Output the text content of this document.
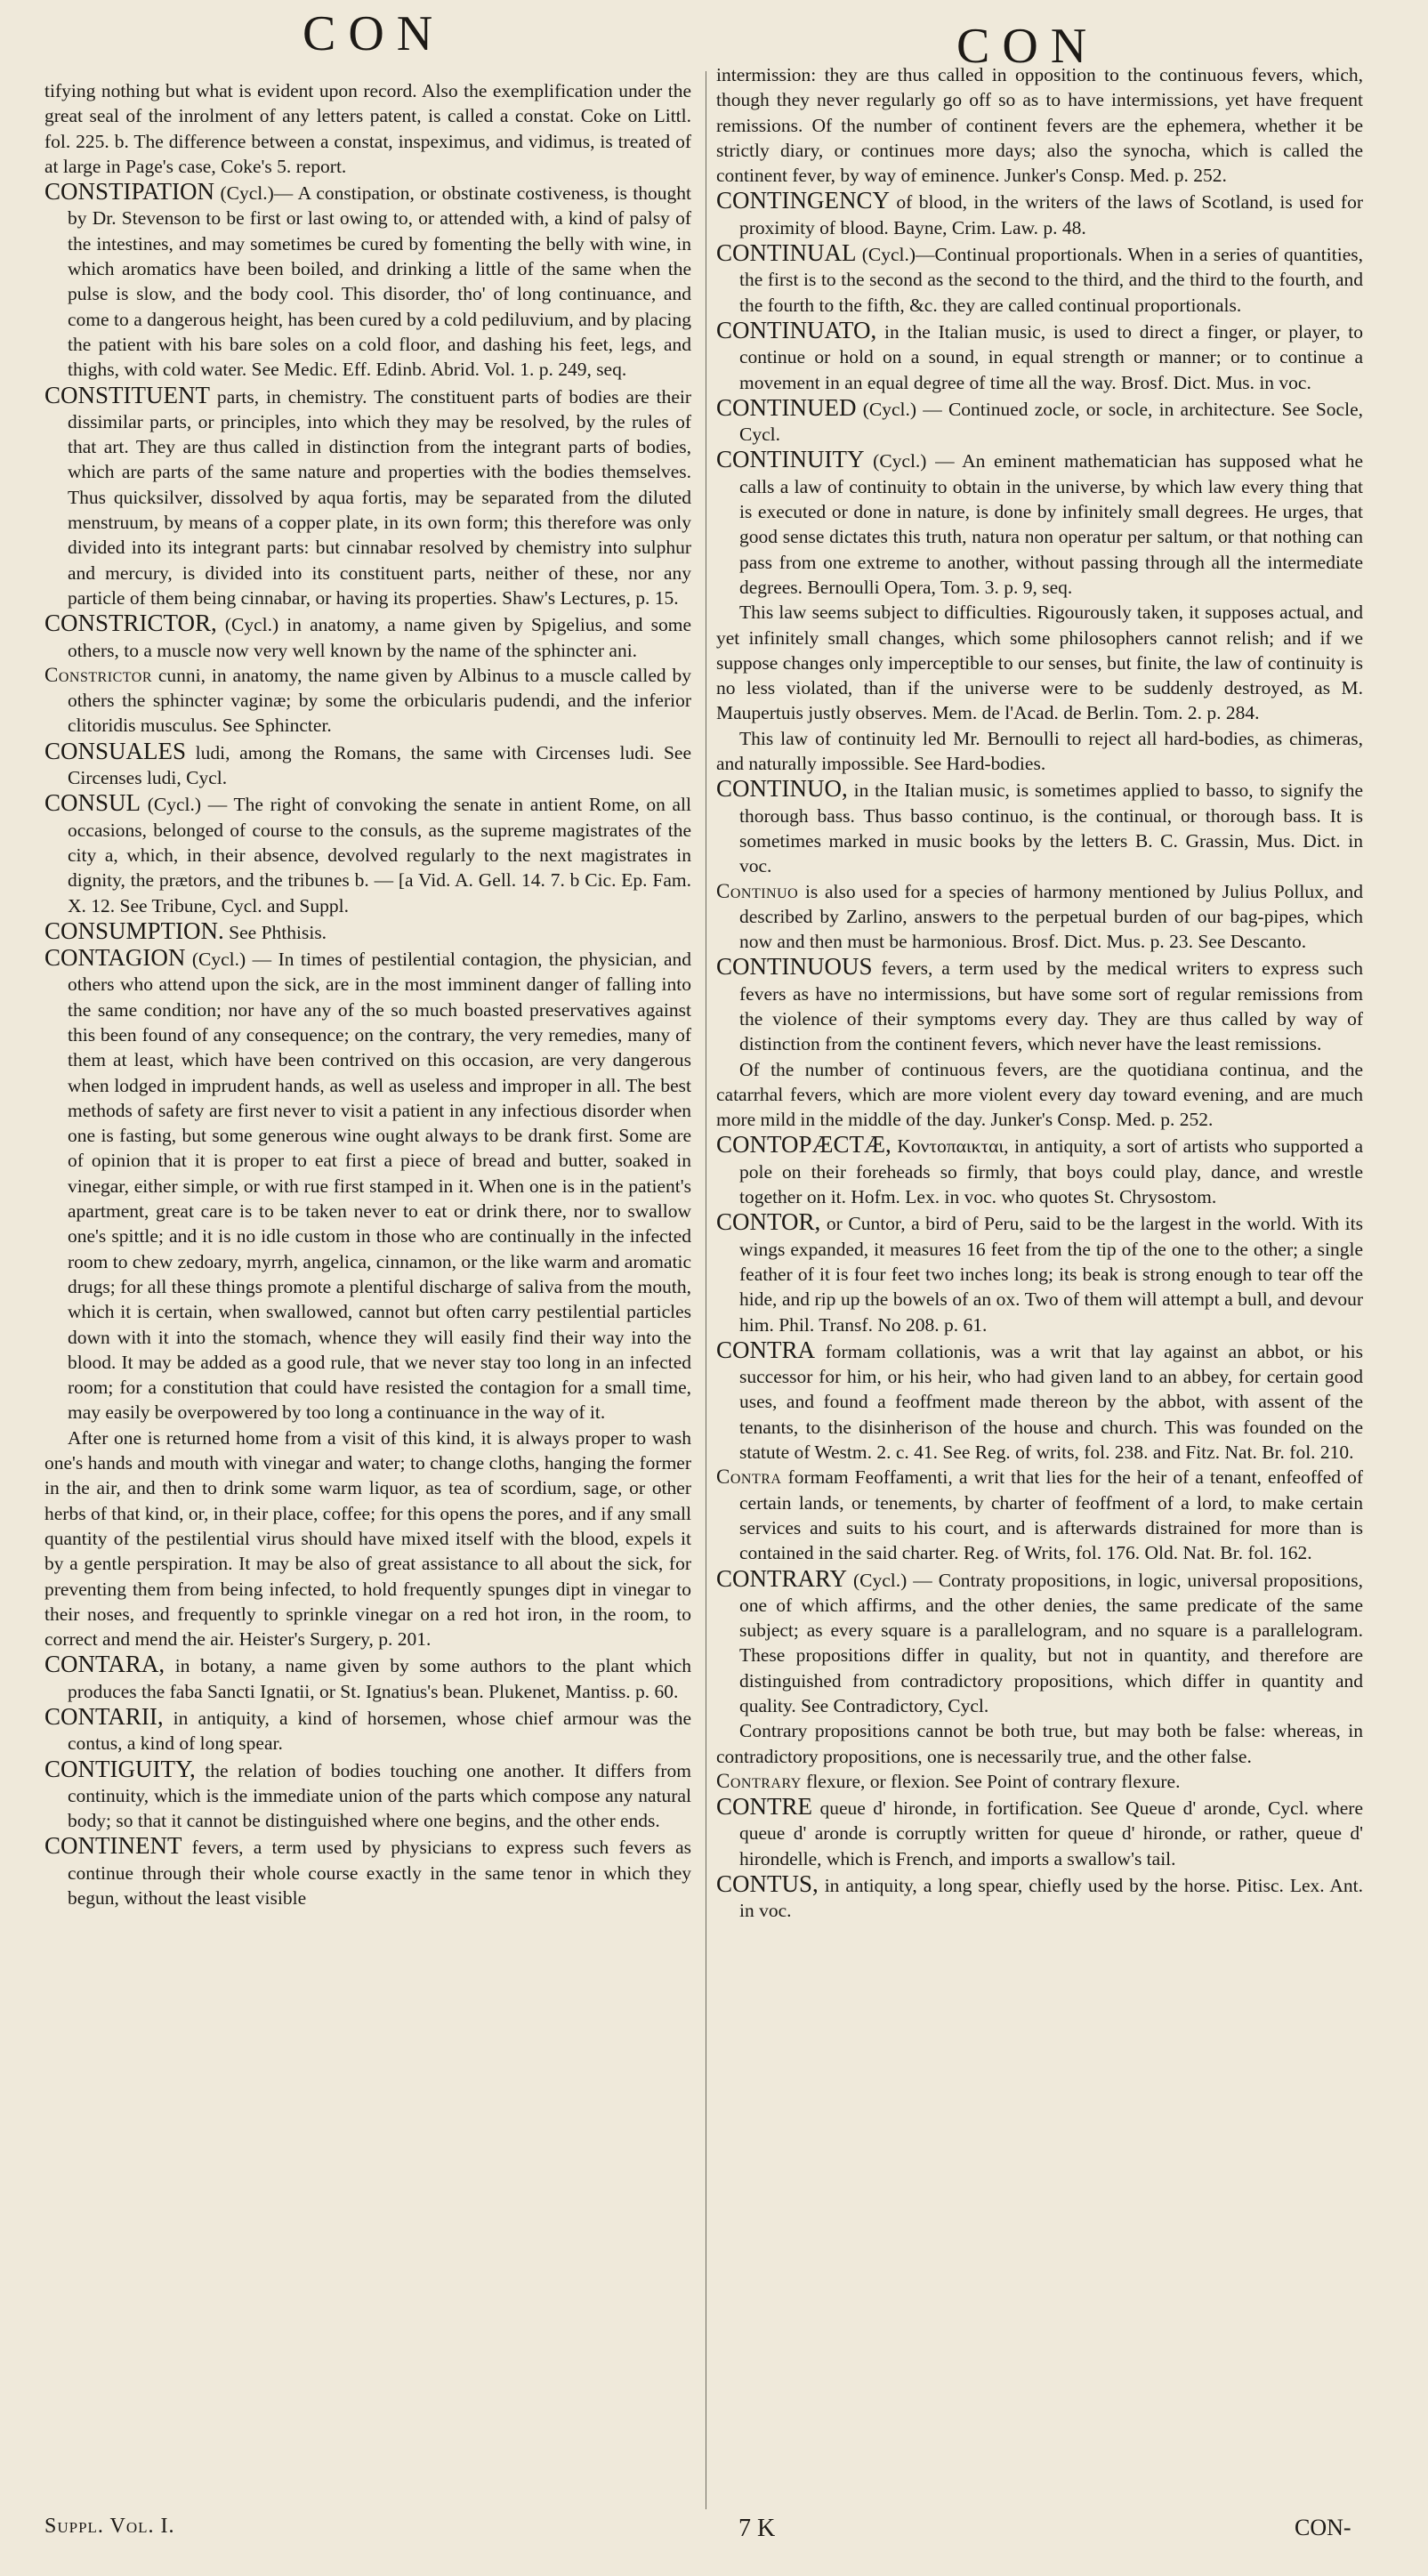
CON	CON

tifying nothing but what is evident upon record. Also the exemplification under the great seal of the inrolment of any letters patent, is called a constat. Coke on Littl. fol. 225. b. The difference between a constat, inspeximus, and vidimus, is treated of at large in Page's case, Coke's 5. report.

CONSTIPATION (Cycl.)— A constipation, or obstinate costiveness, is thought by Dr. Stevenson to be first or last owing to, or attended with, a kind of palsy of the intestines, and may sometimes be cured by fomenting the belly with wine, in which aromatics have been boiled, and drinking a little of the same when the pulse is slow, and the body cool. This disorder, tho' of long continuance, and come to a dangerous height, has been cured by a cold pediluvium, and by placing the patient with his bare soles on a cold floor, and dashing his feet, legs, and thighs, with cold water. See Medic. Eff. Edinb. Abrid. Vol. 1. p. 249, seq.

CONSTITUENT parts, in chemistry. The constituent parts of bodies are their dissimilar parts, or principles, into which they may be resolved, by the rules of that art. They are thus called in distinction from the integrant parts of bodies, which are parts of the same nature and properties with the bodies themselves. Thus quicksilver, dissolved by aqua fortis, may be separated from the diluted menstruum, by means of a copper plate, in its own form; this therefore was only divided into its integrant parts: but cinnabar resolved by chemistry into sulphur and mercury, is divided into its constituent parts, neither of these, nor any particle of them being cinnabar, or having its properties. Shaw's Lectures, p. 15.

CONSTRICTOR, (Cycl.) in anatomy, a name given by Spigelius, and some others, to a muscle now very well known by the name of the sphincter ani.

Constrictor cunni, in anatomy, the name given by Albinus to a muscle called by others the sphincter vaginæ; by some the orbicularis pudendi, and the inferior clitoridis musculus. See Sphincter.

CONSUALES ludi, among the Romans, the same with Circenses ludi. See Circenses ludi, Cycl.

CONSUL (Cycl.) — The right of convoking the senate in antient Rome, on all occasions, belonged of course to the consuls, as the supreme magistrates of the city a, which, in their absence, devolved regularly to the next magistrates in dignity, the prætors, and the tribunes b. — [a Vid. A. Gell. 14. 7. b Cic. Ep. Fam. X. 12. See Tribune, Cycl. and Suppl.

CONSUMPTION. See Phthisis.

CONTAGION (Cycl.) — In times of pestilential contagion, the physician, and others who attend upon the sick, are in the most imminent danger of falling into the same condition; nor have any of the so much boasted preservatives against this been found of any consequence; on the contrary, the very remedies, many of them at least, which have been contrived on this occasion, are very dangerous when lodged in imprudent hands, as well as useless and improper in all. The best methods of safety are first never to visit a patient in any infectious disorder when one is fasting, but some generous wine ought always to be drank first. Some are of opinion that it is proper to eat first a piece of bread and butter, soaked in vinegar, either simple, or with rue first stamped in it. When one is in the patient's apartment, great care is to be taken never to eat or drink there, nor to swallow one's spittle; and it is no idle custom in those who are continually in the infected room to chew zedoary, myrrh, angelica, cinnamon, or the like warm and aromatic drugs; for all these things promote a plentiful discharge of saliva from the mouth, which it is certain, when swallowed, cannot but often carry pestilential particles down with it into the stomach, whence they will easily find their way into the blood. It may be added as a good rule, that we never stay too long in an infected room; for a constitution that could have resisted the contagion for a small time, may easily be overpowered by too long a continuance in the way of it.

After one is returned home from a visit of this kind, it is always proper to wash one's hands and mouth with vinegar and water; to change cloths, hanging the former in the air, and then to drink some warm liquor, as tea of scordium, sage, or other herbs of that kind, or, in their place, coffee; for this opens the pores, and if any small quantity of the pestilential virus should have mixed itself with the blood, expels it by a gentle perspiration. It may be also of great assistance to all about the sick, for preventing them from being infected, to hold frequently spunges dipt in vinegar to their noses, and frequently to sprinkle vinegar on a red hot iron, in the room, to correct and mend the air. Heister's Surgery, p. 201.

CONTARA, in botany, a name given by some authors to the plant which produces the faba Sancti Ignatii, or St. Ignatius's bean. Plukenet, Mantiss. p. 60.

CONTARII, in antiquity, a kind of horsemen, whose chief armour was the contus, a kind of long spear.

CONTIGUITY, the relation of bodies touching one another. It differs from continuity, which is the immediate union of the parts which compose any natural body; so that it cannot be distinguished where one begins, and the other ends.

CONTINENT fevers, a term used by physicians to express such fevers as continue through their whole course exactly in the same tenor in which they begun, without the least visible

intermission: they are thus called in opposition to the continuous fevers, which, though they never regularly go off so as to have intermissions, yet have frequent remissions. Of the number of continent fevers are the ephemera, whether it be strictly diary, or continues more days; also the synocha, which is called the continent fever, by way of eminence. Junker's Consp. Med. p. 252.

CONTINGENCY of blood, in the writers of the laws of Scotland, is used for proximity of blood. Bayne, Crim. Law. p. 48.

CONTINUAL (Cycl.)—Continual proportionals. When in a series of quantities, the first is to the second as the second to the third, and the third to the fourth, and the fourth to the fifth, &c. they are called continual proportionals.

CONTINUATO, in the Italian music, is used to direct a finger, or player, to continue or hold on a sound, in equal strength or manner; or to continue a movement in an equal degree of time all the way. Brosf. Dict. Mus. in voc.

CONTINUED (Cycl.) — Continued zocle, or socle, in architecture. See Socle, Cycl.

CONTINUITY (Cycl.) — An eminent mathematician has supposed what he calls a law of continuity to obtain in the universe, by which law every thing that is executed or done in nature, is done by infinitely small degrees. He urges, that good sense dictates this truth, natura non operatur per saltum, or that nothing can pass from one extreme to another, without passing through all the intermediate degrees. Bernoulli Opera, Tom. 3. p. 9, seq.

This law seems subject to difficulties. Rigourously taken, it supposes actual, and yet infinitely small changes, which some philosophers cannot relish; and if we suppose changes only imperceptible to our senses, but finite, the law of continuity is no less violated, than if the universe were to be suddenly destroyed, as M. Maupertuis justly observes. Mem. de l'Acad. de Berlin. Tom. 2. p. 284.

This law of continuity led Mr. Bernoulli to reject all hard-bodies, as chimeras, and naturally impossible. See Hard-bodies.

CONTINUO, in the Italian music, is sometimes applied to basso, to signify the thorough bass. Thus basso continuo, is the continual, or thorough bass. It is sometimes marked in music books by the letters B. C. Grassin, Mus. Dict. in voc.

Continuo is also used for a species of harmony mentioned by Julius Pollux, and described by Zarlino, answers to the perpetual burden of our bag-pipes, which now and then must be harmonious. Brosf. Dict. Mus. p. 23. See Descanto.

CONTINUOUS fevers, a term used by the medical writers to express such fevers as have no intermissions, but have some sort of regular remissions from the violence of their symptoms every day. They are thus called by way of distinction from the continent fevers, which never have the least remissions.

Of the number of continuous fevers, are the quotidiana continua, and the catarrhal fevers, which are more violent every day toward evening, and are much more mild in the middle of the day. Junker's Consp. Med. p. 252.

CONTOPÆCTÆ, Κοντοπαικται, in antiquity, a sort of artists who supported a pole on their foreheads so firmly, that boys could play, dance, and wrestle together on it. Hofm. Lex. in voc. who quotes St. Chrysostom.

CONTOR, or Cuntor, a bird of Peru, said to be the largest in the world. With its wings expanded, it measures 16 feet from the tip of the one to the other; a single feather of it is four feet two inches long; its beak is strong enough to tear off the hide, and rip up the bowels of an ox. Two of them will attempt a bull, and devour him. Phil. Transf. No 208. p. 61.

CONTRA formam collationis, was a writ that lay against an abbot, or his successor for him, or his heir, who had given land to an abbey, for certain good uses, and found a feoffment made thereon by the abbot, with assent of the tenants, to the disinherison of the house and church. This was founded on the statute of Westm. 2. c. 41. See Reg. of writs, fol. 238. and Fitz. Nat. Br. fol. 210.

Contra formam Feoffamenti, a writ that lies for the heir of a tenant, enfeoffed of certain lands, or tenements, by charter of feoffment of a lord, to make certain services and suits to his court, and is afterwards distrained for more than is contained in the said charter. Reg. of Writs, fol. 176. Old. Nat. Br. fol. 162.

CONTRARY (Cycl.) — Contraty propositions, in logic, universal propositions, one of which affirms, and the other denies, the same predicate of the same subject; as every square is a parallelogram, and no square is a parallelogram. These propositions differ in quality, but not in quantity, and therefore are distinguished from contradictory propositions, which differ in quantity and quality. See Contradictory, Cycl.

Contrary propositions cannot be both true, but may both be false: whereas, in contradictory propositions, one is necessarily true, and the other false.

Contrary flexure, or flexion. See Point of contrary flexure.

CONTRE queue d' hironde, in fortification. See Queue d' aronde, Cycl. where queue d' aronde is corruptly written for queue d' hironde, or rather, queue d' hirondelle, which is French, and imports a swallow's tail.

CONTUS, in antiquity, a long spear, chiefly used by the horse. Pitisc. Lex. Ant. in voc.

Suppl. Vol. I.	7 K	CON-
